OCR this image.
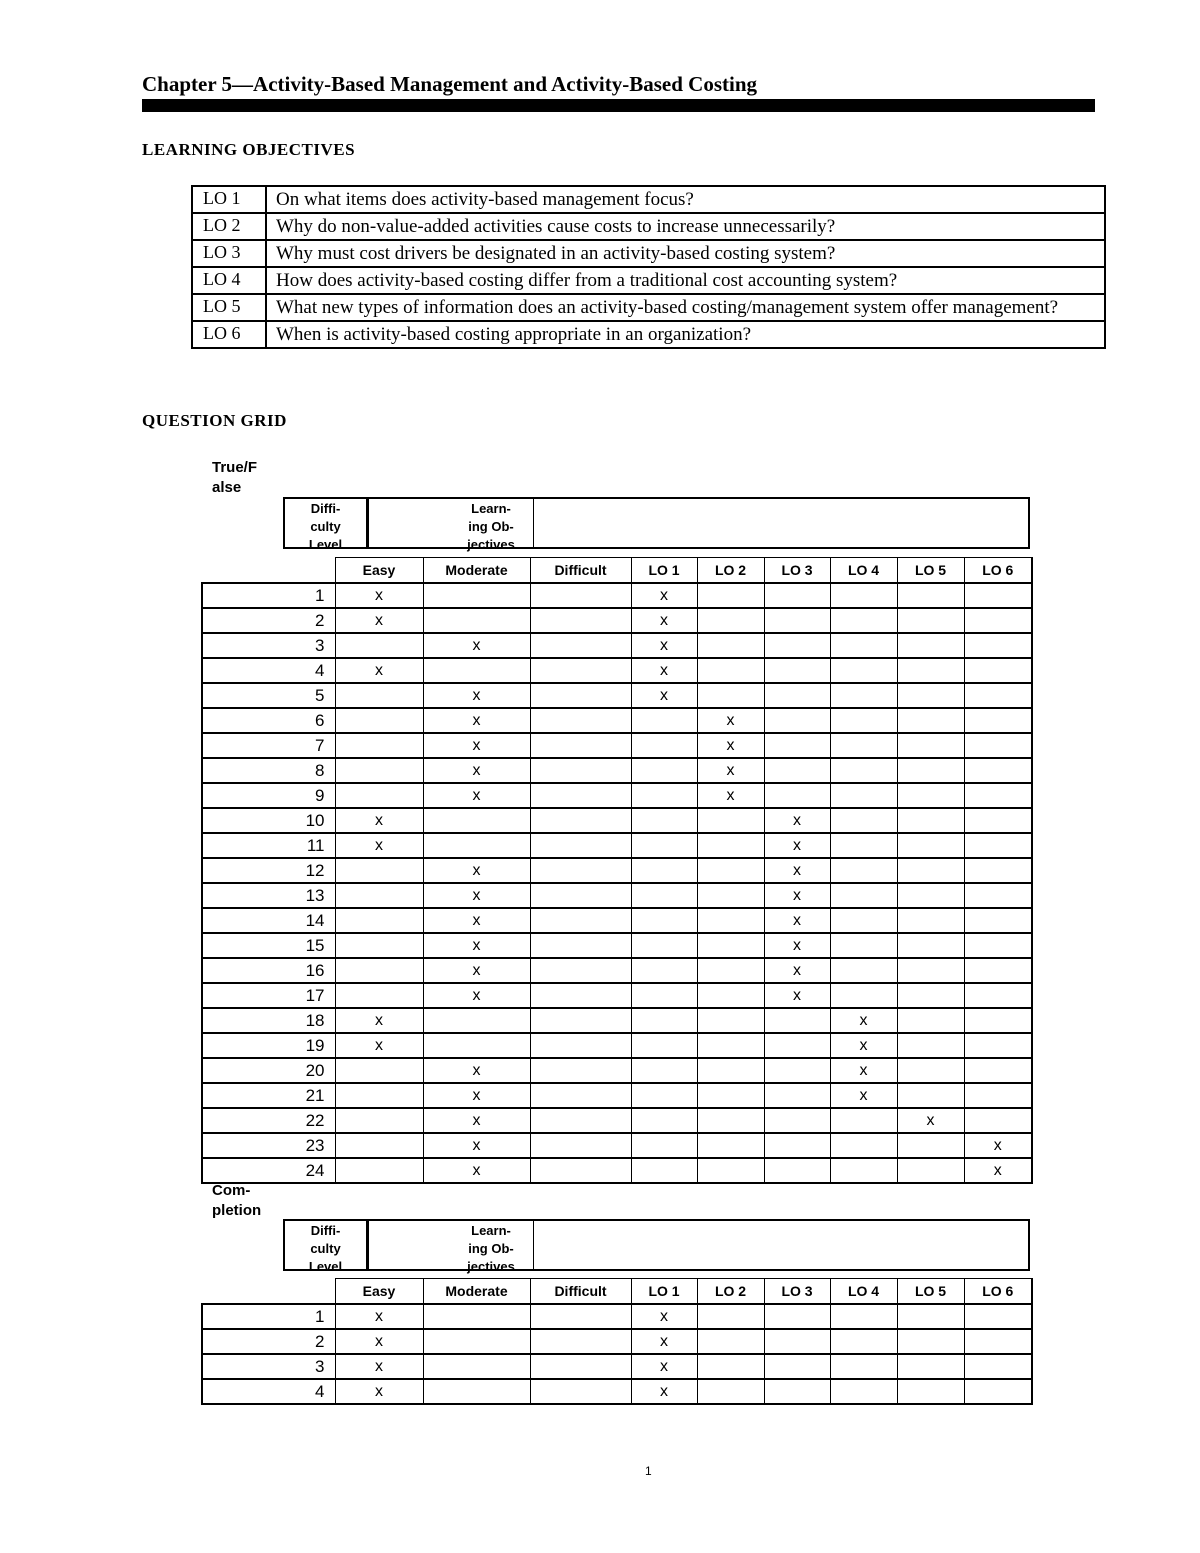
Chapter 5—Activity-Based Management and Activity-Based Costing
LEARNING OBJECTIVES
LO 1	On what items does activity-based management focus?
LO 2	Why do non-value-added activities cause costs to increase unnecessarily?
LO 3	Why must cost drivers be designated in an activity-based costing system?
LO 4	How does activity-based costing differ from a traditional cost accounting system?
LO 5	What new types of information does an activity-based costing/management system offer management?
LO 6	When is activity-based costing appropriate in an organization?
QUESTION GRID
True/F
alse
Diffi-
culty
Level
Learn-
ing Ob-
jectives
	Easy	Moderate	Difficult	LO 1	LO 2	LO 3	LO 4	LO 5	LO 6
1	x			x					
2	x			x					
3		x		x					
4	x			x					
5		x		x					
6		x			x				
7		x			x				
8		x			x				
9		x			x				
10	x					x			
11	x					x			
12		x				x			
13		x				x			
14		x				x			
15		x				x			
16		x				x			
17		x				x			
18	x						x		
19	x						x		
20		x					x		
21		x					x		
22		x						x	
23		x							x
24		x							x
Com-
pletion
Diffi-
culty
Level
Learn-
ing Ob-
jectives
	Easy	Moderate	Difficult	LO 1	LO 2	LO 3	LO 4	LO 5	LO 6
1	x			x					
2	x			x					
3	x			x					
4	x			x					
1
